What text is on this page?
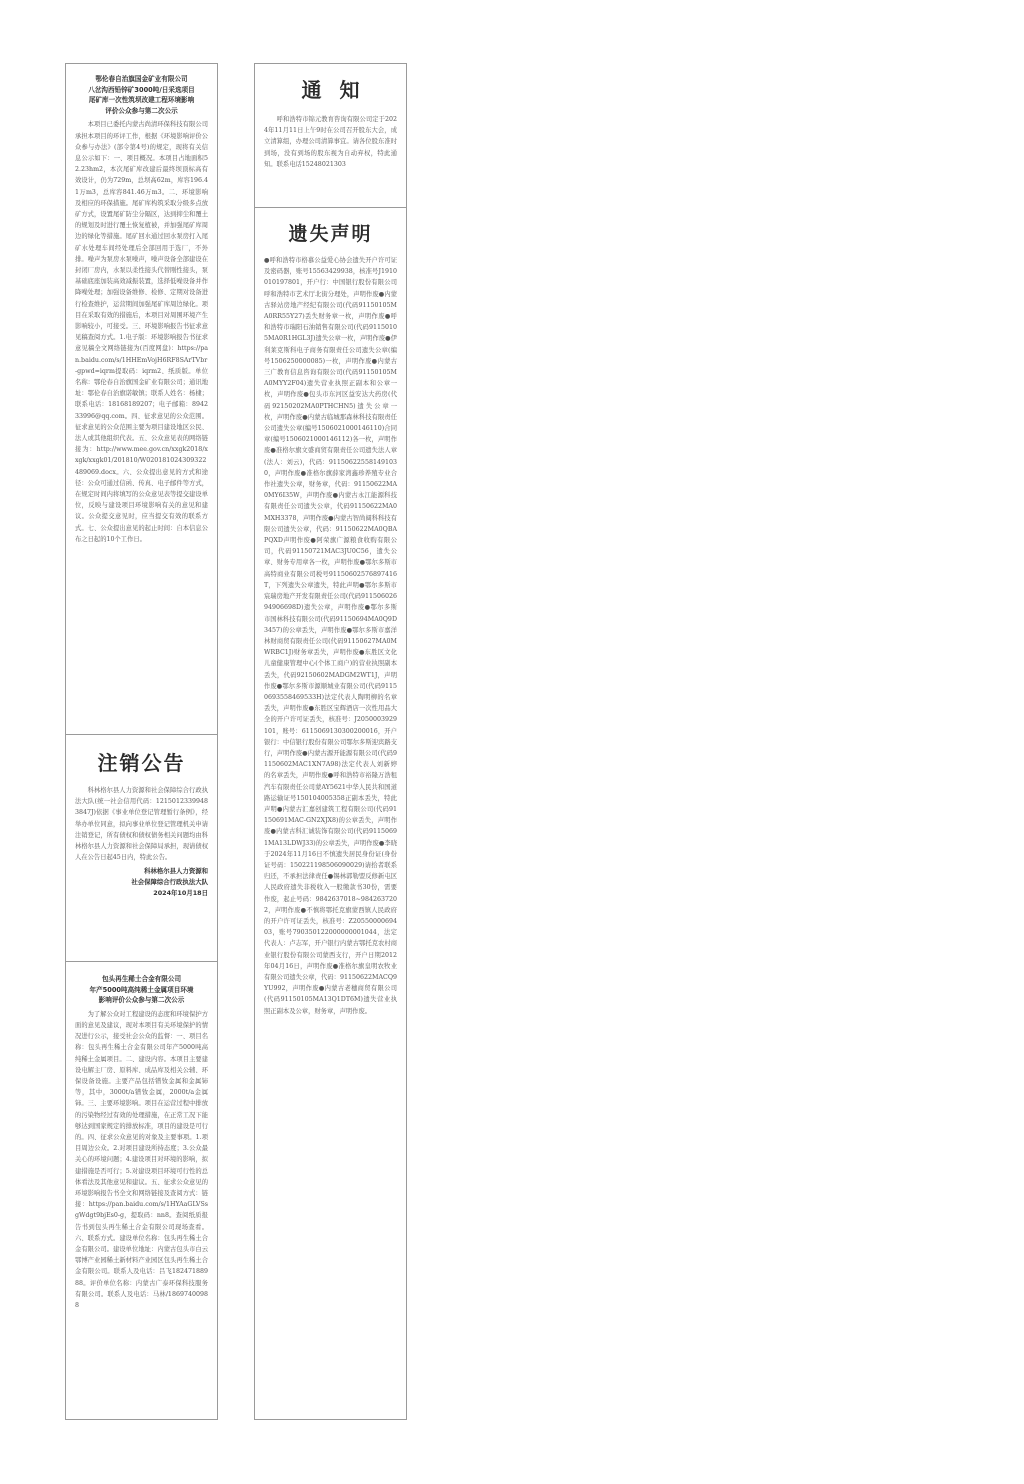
鄂伦春自治旗国金矿业有限公司
八岔沟西铅锌矿3000吨/日采选项目
尾矿库一次性筑坝改建工程环境影响
评价公众参与第二次公示

本项目已委托内蒙古尚清环保科技有限公司承担本项目的环评工作，根据《环境影响评价公众参与办法》(部令第4号)的规定，现将有关信息公示如下：一、项目概况。本项目占地面积52.23hm2，本次尾矿库改建后最终坝顶标高有效设计，仍为729m，总坝高62m，库容196.41万m3，总库容841.46万m3。二、环境影响及相应的环保措施。尾矿库构筑采取分级多点放矿方式，设置尾矿防尘分隔区，达到抑尘和覆土的规划及时进行覆土恢复植被，并加强尾矿库周边的绿化等措施。尾矿回水通过回水泵房打入尾矿水处理车间经处理后全部回用于选厂，不外排。噪声为泵房水泵噪声，噪声设备全部建设在封闭厂房内，水泵以柔性接头代替刚性接头，泵基础底座加装高效减振装置，选择低噪设备并作降噪处理；加强设备维修、检修、定期对设备进行检查维护，运营期间加强尾矿库周边绿化。项目在采取有效的措施后，本项目对周围环境产生影响较小，可接受。三、环境影响报告书征求意见稿查阅方式。1.电子版：环境影响报告书征求意见稿全文网络链接为(百度网盘)：https://pan.baidu.com/s/1HHEmVojH6RF8SArTVbr-gpwd=iqrm提取码：iqrm2、纸质版。单位名称：鄂伦春自治旗国金矿业有限公司；通讯地址：鄂伦春自治旗诺敏镇；联系人姓名：杨棣；联系电话：18168189207；电子邮箱：894233996@qq.com。四、征求意见的公众范围。征求意见的公众范围主要为项目建设地区公民、法人或其他组织代表。五、公众意见表的网络链接为：http://www.mee.gov.cn/xxgk2018/xxgk/xxgk01/201810/W020181024309322489069.docx。六、公众提出意见的方式和途径：公众可通过信函、传真、电子邮件等方式，在规定时间内将填写的公众意见表等提交建设单位，反映与建设项目环境影响有关的意见和建议。公众提交意见时，应当提交有效的联系方式。七、公众提出意见的起止时间：自本信息公布之日起的10个工作日。

注销公告

科林格尔县人力资源和社会保障综合行政执法大队(统一社会信用代码：12150123399483847J)依据《事业单位登记管理暂行条例》，经举办单位同意，拟向事业单位登记管理机关申请注销登记，所有债权和债权债务相关问题均由科林格尔县人力资源和社会保障局承担，现请债权人在公告日起45日内，特此公告。

科林格尔县人力资源和
社会保障综合行政执法大队
2024年10月18日
包头再生稀土合金有限公司
年产5000吨高纯稀土金属项目环境
影响评价公众参与第二次公示

为了解公众对工程建设的态度和环境保护方面的意见及建议，现对本项目有关环境保护的情况进行公示，接受社会公众的监督：一、项目名称：包头再生稀土合金有限公司年产5000吨高纯稀土金属项目。二、建设内容。本项目主要建设电解主厂房、原料库、成品库及相关公辅、环保设备设施。主要产品包括镨钕金属和金属铈等，其中，3000t/a镨钕金属，2000t/a金属铈。三、主要环境影响。项目在运营过程中排放的污染物经过有效的处理措施，在正常工况下能够达到国家规定的排放标准，项目的建设是可行的。四、征求公众意见的对象及主要事项。1.项目周边公众。2.对项目建设所持态度；3.公众最关心的环境问题；4.建设项目对环境的影响，拟建措施是否可行；5.对建设项目环境可行性的总体看法及其他意见和建议。五、征求公众意见的环境影响报告书全文和网络链接及查阅方式：链接：https://pan.baidu.com/s/1HYAaGLVSsgWdgt9bjEs0-g，提取码：nn8。查阅纸质报告书到包头再生稀土合金有限公司现场查看。六、联系方式。建设单位名称：包头再生稀土合金有限公司。建设单位地址：内蒙古包头市白云鄂博产业园稀土新材料产业园区包头再生稀土合金有限公司。联系人及电话：吕飞18247188988。评价单位名称：内蒙古广泰环保科技服务有限公司。联系人及电话：马林/18697400988

通知

呼和浩特市锦元教育咨询有限公司定于2024年11月11日上午9时在公司召开股东大会，成立清算组，办理公司清算事宜。请各位股东准时到场，没有到场的股东视为自动弃权，特此通知。联系电话15248021303

遗失声明

●呼和浩特市格慕公益爱心协会遗失开户许可证及密码器，账号15563429938，核准号J1910010197801，开户行：中国银行股份有限公司呼和浩特市艺术厅北街分理处，声明作废●内蒙古驿站房地产经纪有限公司(代码91150105MA0RR55Y27)丢失财务章一枚，声明作废●呼和浩特市瑞阳石油销售有限公司(代码91150105MA0R1HGL3J)遗失公章一枚，声明作废●伊利莱克斯科电子商务有限责任公司遗失公章(编号1506250000085)一枚，声明作废●内蒙古三广教育信息咨询有限公司(代码91150105MA0MYY2F04)遗失营业执照正副本和公章一枚，声明作废●包头市东河区益安达大药房(代码92150202MA0PTHCHN5)遗失公章一枚，声明作废●内蒙古临城那森林科技有限责任公司遗失公章(编号1506021000146110)合同章(编号1506021000146112)各一枚，声明作废●准格尔旗文盛商贸有限责任公司遗失法人章(法人：刘云)，代码：911506225581491030，声明作废●准格尔旗薛家湾鑫珍养殖专业合作社遗失公章，财务章，代码：91150622MA0MY6I35W，声明作废●内蒙古永江能源科技有限责任公司遗失公章，代码91150622MA0MXH3378，声明作废●内蒙古智尚阔科科技有限公司遗失公章，代码：91150622MA0QBAPQXD声明作废●阿荣旗广源粮食收购有限公司，代码91150721MAC3JU0C56，遗失公章、财务专用章各一枚，声明作废●鄂尔多斯市高特商业有限公司税号91150602576897416T，下列遗失公章遗失，特此声明●鄂尔多斯市宸瑞房地产开发有限责任公司(代码91150602694906698D)遗失公章，声明作废●鄂尔多斯市国林科技有限公司(代码91150694MA0Q9D3457)的公章丢失，声明作废●鄂尔多斯市嘉洋林财商贸有限责任公司(代码91150627MA0MWRBC1J)财务章丢失，声明作废●东胜区文化儿童健康管理中心(个体工商户)的营业执照副本丢失，代码92150602MADGM2WT1J，声明作废●鄂尔多斯市源顺城业有限公司(代码91150693558469533H)法定代表人陶明柳的名章丢失，声明作废●东胜区宝辉酒店一次性用品大全的开户许可证丢失，核准号：J2050003929101，账号：6115069130300200016，开户银行：中信银行股份有限公司鄂尔多斯迎宾路支行，声明作废●内蒙古源开能源有限公司(代码91150602MAC1XN7A98)法定代表人刘新婷的名章丢失，声明作废●呼和浩特市裕隆万浩租汽车有限责任公司蒙AY5621中华人民共和国道路运输证号150104005358正副本丢失，特此声明●内蒙古汇嘉创建筑工程有限公司(代码91150691MAC-GN2XJX8)的公章丢失，声明作废●内蒙古科汇诚装饰有限公司(代码91150691MA13LDWJ33)的公章丢失，声明作废●李晓于2024年11月16日不慎遗失居民身份证(身份证号码：150221198506090029)请拾者联系归还，不承担法律责任●锡林郭勒盟反修新屯区人民政府遗失非税收入一般缴款书30份，需要作废，起止号码：9842637018~9842637202，声明作废●不慎将鄂托克旗蒙西镇人民政府的开户许可证丢失，核准号：Z2055000069403，账号790350122000000001044，法定代表人：卢志军，开户银行内蒙古鄂托克农村商业银行股份有限公司蒙西支行，开户日期2012年04月16日，声明作废●准格尔旗皇明农牧业有限公司遗失公章，代码：91150622MACQ9YU992，声明作废●内蒙古老穗商贸有限公司(代码91150105MA13Q1DT6M)遗失营业执照正副本及公章，财务章，声明作废。
